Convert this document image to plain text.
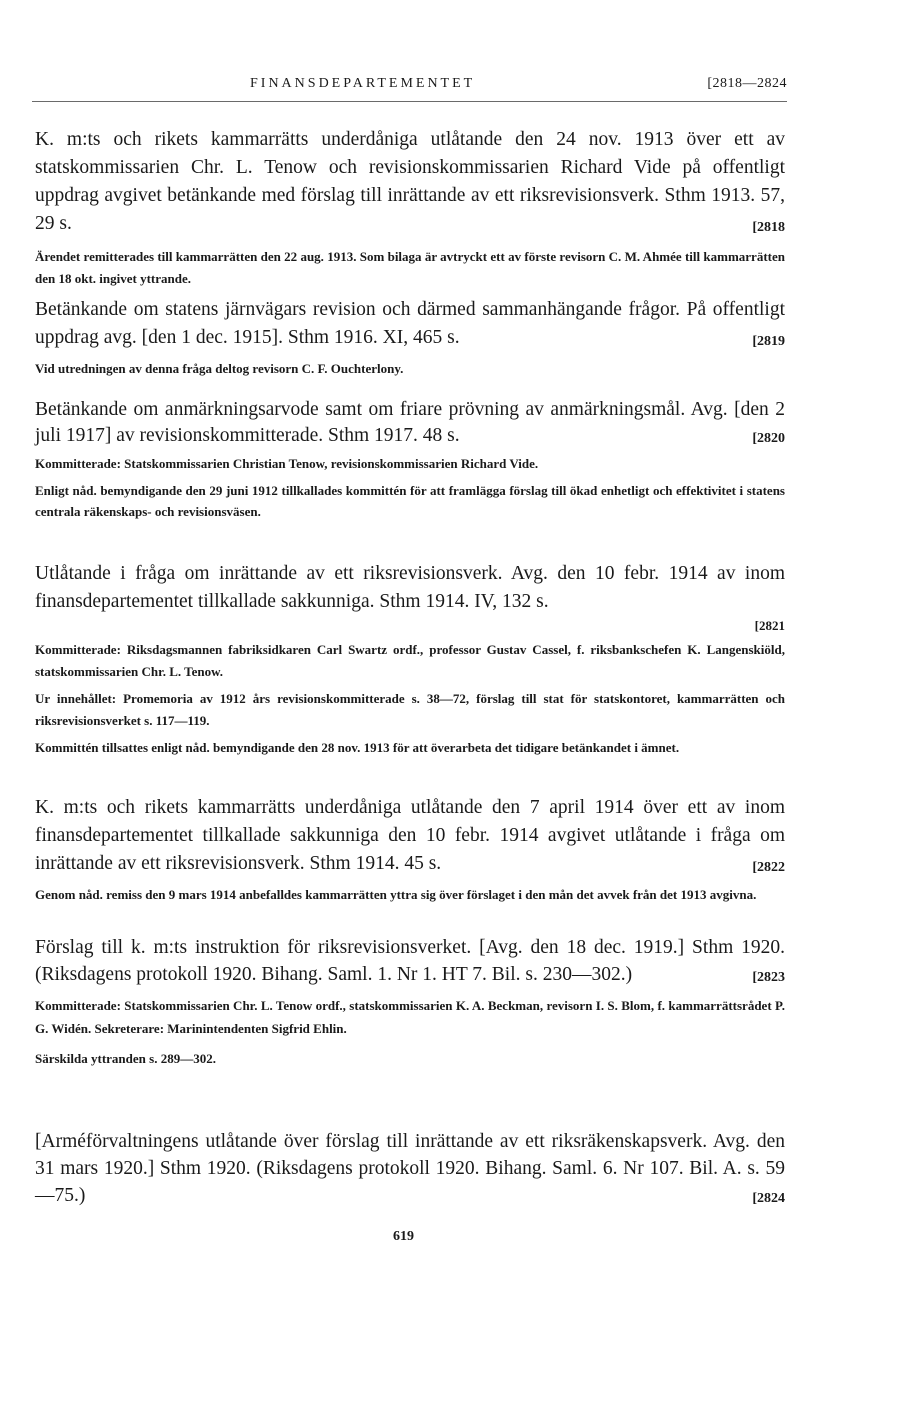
FINANSDEPARTEMENTET	[2818—2824
K. m:ts och rikets kammarrätts underdåniga utlåtande den 24 nov. 1913 över ett av statskommissarien Chr. L. Tenow och revisionskommissarien Richard Vide på offentligt uppdrag avgivet betänkande med förslag till inrättande av ett riksrevisionsverk. Sthm 1913. 57, 29 s.	[2818
Ärendet remitterades till kammarrätten den 22 aug. 1913. Som bilaga är avtryckt ett av förste revisorn C. M. Ahmée till kammarrätten den 18 okt. ingivet yttrande.
Betänkande om statens järnvägars revision och därmed sammanhängande frågor. På offentligt uppdrag avg. [den 1 dec. 1915]. Sthm 1916. XI, 465 s.	[2819
Vid utredningen av denna fråga deltog revisorn C. F. Ouchterlony.
Betänkande om anmärkningsarvode samt om friare prövning av anmärkningsmål. Avg. [den 2 juli 1917] av revisionskommitterade. Sthm 1917. 48 s.	[2820
Kommitterade: Statskommissarien Christian Tenow, revisionskommissarien Richard Vide.
Enligt nåd. bemyndigande den 29 juni 1912 tillkallades kommittén för att framlägga förslag till ökad enhetligt och effektivitet i statens centrala räkenskaps- och revisionsväsen.
Utlåtande i fråga om inrättande av ett riksrevisionsverk. Avg. den 10 febr. 1914 av inom finansdepartementet tillkallade sakkunniga. Sthm 1914. IV, 132 s.
[2821
Kommitterade: Riksdagsmannen fabriksidkaren Carl Swartz ordf., professor Gustav Cassel, f. riksbankschefen K. Langenskiöld, statskommissarien Chr. L. Tenow.
Ur innehållet: Promemoria av 1912 års revisionskommitterade s. 38—72, förslag till stat för statskontoret, kammarrätten och riksrevisionsverket s. 117—119.
Kommittén tillsattes enligt nåd. bemyndigande den 28 nov. 1913 för att överarbeta det tidigare betänkandet i ämnet.
K. m:ts och rikets kammarrätts underdåniga utlåtande den 7 april 1914 över ett av inom finansdepartementet tillkallade sakkunniga den 10 febr. 1914 avgivet utlåtande i fråga om inrättande av ett riksrevisionsverk. Sthm 1914. 45 s.	[2822
Genom nåd. remiss den 9 mars 1914 anbefalldes kammarrätten yttra sig över förslaget i den mån det avvek från det 1913 avgivna.
Förslag till k. m:ts instruktion för riksrevisionsverket. [Avg. den 18 dec. 1919.] Sthm 1920. (Riksdagens protokoll 1920. Bihang. Saml. 1. Nr 1. HT 7. Bil. s. 230—302.)	[2823
Kommitterade: Statskommissarien Chr. L. Tenow ordf., statskommissarien K. A. Beckman, revisorn I. S. Blom, f. kammarrättsrådet P. G. Widén. Sekreterare: Marinintendenten Sigfrid Ehlin.
Särskilda yttranden s. 289—302.
[Arméförvaltningens utlåtande över förslag till inrättande av ett riksräkenskapsverk. Avg. den 31 mars 1920.] Sthm 1920. (Riksdagens protokoll 1920. Bihang. Saml. 6. Nr 107. Bil. A. s. 59—75.)	[2824
619
